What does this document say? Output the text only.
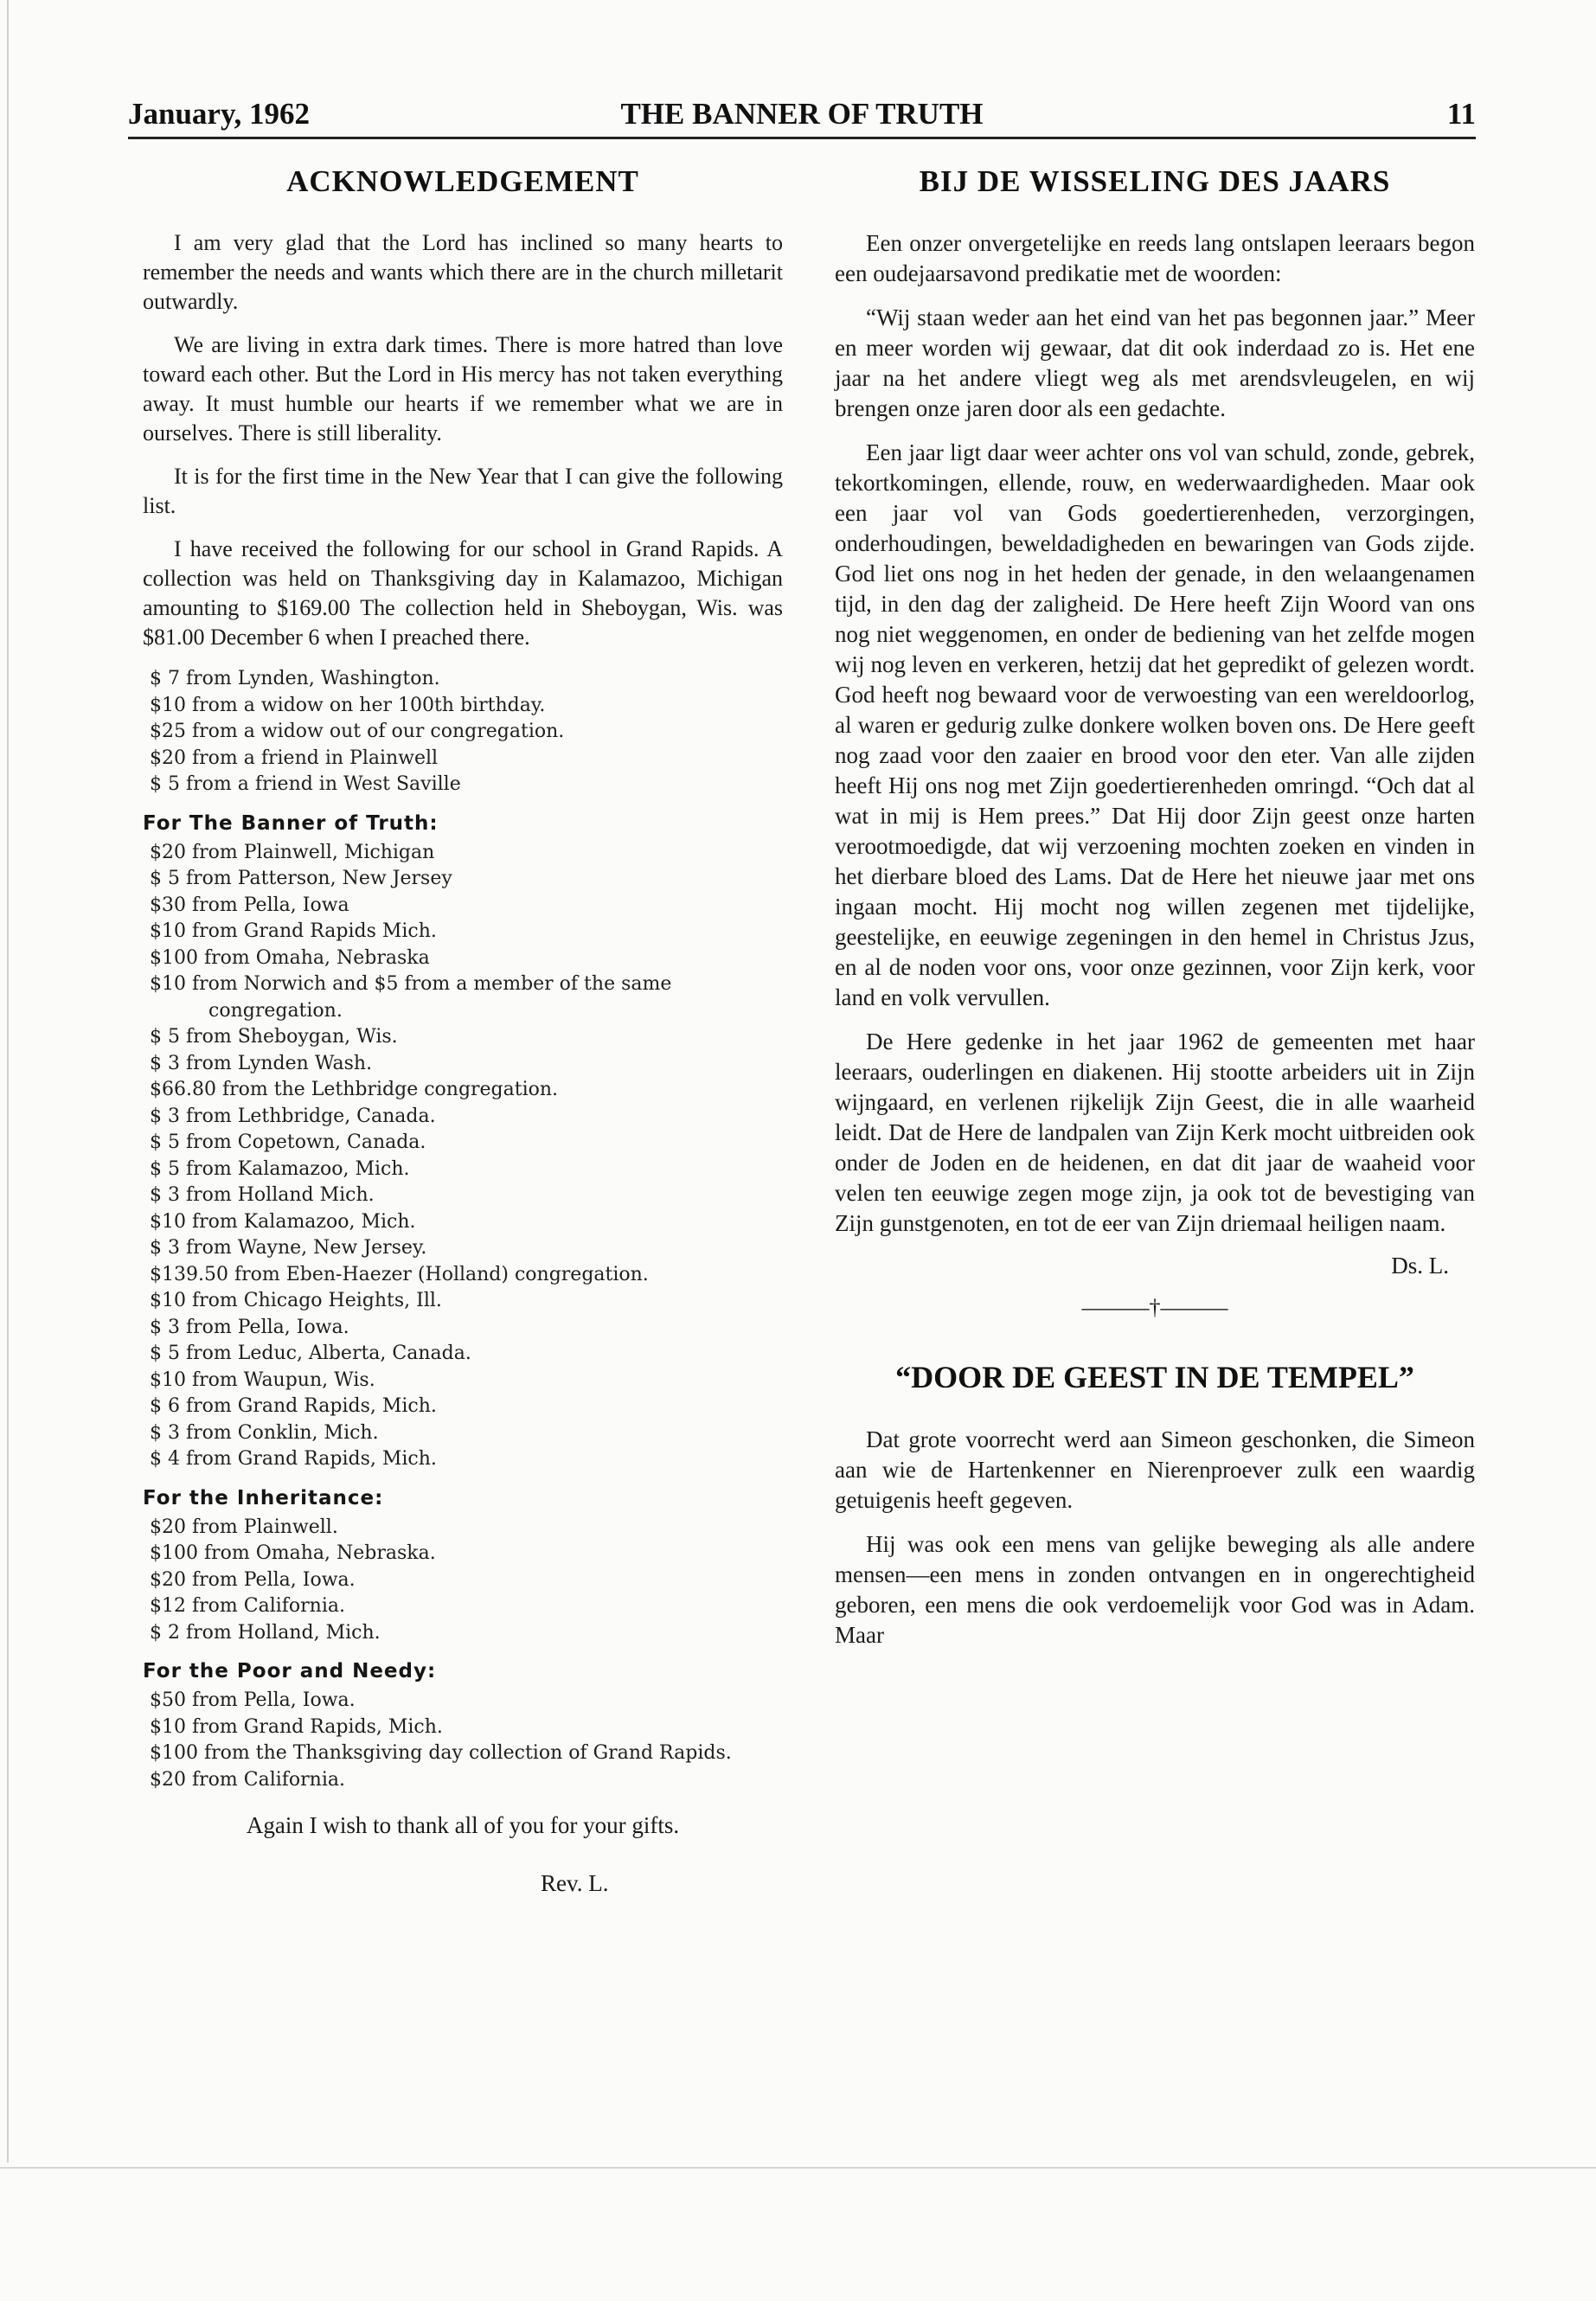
January, 1962	THE BANNER OF TRUTH	11
ACKNOWLEDGEMENT

I am very glad that the Lord has inclined so many hearts to remember the needs and wants which there are in the church milletarit outwardly.

We are living in extra dark times. There is more hatred than love toward each other. But the Lord in His mercy has not taken everything away. It must humble our hearts if we remember what we are in ourselves. There is still liberality.

It is for the first time in the New Year that I can give the following list.

I have received the following for our school in Grand Rapids. A collection was held on Thanksgiving day in Kalamazoo, Michigan amounting to $169.00 The collection held in Sheboygan, Wis. was $81.00 December 6 when I preached there.

$ 7 from Lynden, Washington.
$10 from a widow on her 100th birthday.
$25 from a widow out of our congregation.
$20 from a friend in Plainwell
$ 5 from a friend in West Saville
For The Banner of Truth:
$20 from Plainwell, Michigan
$ 5 from Patterson, New Jersey
$30 from Pella, Iowa
$10 from Grand Rapids Mich.
$100 from Omaha, Nebraska
$10 from Norwich and $5 from a member of the same congregation.
$ 5 from Sheboygan, Wis.
$ 3 from Lynden Wash.
$66.80 from the Lethbridge congregation.
$ 3 from Lethbridge, Canada.
$ 5 from Copetown, Canada.
$ 5 from Kalamazoo, Mich.
$ 3 from Holland Mich.
$10 from Kalamazoo, Mich.
$ 3 from Wayne, New Jersey.
$139.50 from Eben-Haezer (Holland) congregation.
$10 from Chicago Heights, Ill.
$ 3 from Pella, Iowa.
$ 5 from Leduc, Alberta, Canada.
$10 from Waupun, Wis.
$ 6 from Grand Rapids, Mich.
$ 3 from Conklin, Mich.
$ 4 from Grand Rapids, Mich.
For the Inheritance:
$20 from Plainwell.
$100 from Omaha, Nebraska.
$20 from Pella, Iowa.
$12 from California.
$ 2 from Holland, Mich.
For the Poor and Needy:
$50 from Pella, Iowa.
$10 from Grand Rapids, Mich.
$100 from the Thanksgiving day collection of Grand Rapids.
$20 from California.
Again I wish to thank all of you for your gifts.
Rev. L.
BIJ DE WISSELING DES JAARS

Een onzer onvergetelijke en reeds lang ontslapen leeraars begon een oudejaarsavond predikatie met de woorden:

“Wij staan weder aan het eind van het pas begonnen jaar.” Meer en meer worden wij gewaar, dat dit ook inderdaad zo is. Het ene jaar na het andere vliegt weg als met arendsvleugelen, en wij brengen onze jaren door als een gedachte.

Een jaar ligt daar weer achter ons vol van schuld, zonde, gebrek, tekortkomingen, ellende, rouw, en wederwaardigheden. Maar ook een jaar vol van Gods goedertierenheden, verzorgingen, onderhoudingen, beweldadigheden en bewaringen van Gods zijde. God liet ons nog in het heden der genade, in den welaangenamen tijd, in den dag der zaligheid. De Here heeft Zijn Woord van ons nog niet weggenomen, en onder de bediening van het zelfde mogen wij nog leven en verkeren, hetzij dat het gepredikt of gelezen wordt. God heeft nog bewaard voor de verwoesting van een wereldoorlog, al waren er gedurig zulke donkere wolken boven ons. De Here geeft nog zaad voor den zaaier en brood voor den eter. Van alle zijden heeft Hij ons nog met Zijn goedertierenheden omringd. “Och dat al wat in mij is Hem prees.” Dat Hij door Zijn geest onze harten verootmoedigde, dat wij verzoening mochten zoeken en vinden in het dierbare bloed des Lams. Dat de Here het nieuwe jaar met ons ingaan mocht. Hij mocht nog willen zegenen met tijdelijke, geestelijke, en eeuwige zegeningen in den hemel in Christus Jzus, en al de noden voor ons, voor onze gezinnen, voor Zijn kerk, voor land en volk vervullen.

De Here gedenke in het jaar 1962 de gemeenten met haar leeraars, ouderlingen en diakenen. Hij stootte arbeiders uit in Zijn wijngaard, en verlenen rijkelijk Zijn Geest, die in alle waarheid leidt. Dat de Here de landpalen van Zijn Kerk mocht uitbreiden ook onder de Joden en de heidenen, en dat dit jaar de waaheid voor velen ten eeuwige zegen moge zijn, ja ook tot de bevestiging van Zijn gunstgenoten, en tot de eer van Zijn driemaal heiligen naam.

Ds. L.
———†———
“DOOR DE GEEST IN DE TEMPEL”

Dat grote voorrecht werd aan Simeon geschonken, die Simeon aan wie de Hartenkenner en Nierenproever zulk een waardig getuigenis heeft gegeven.

Hij was ook een mens van gelijke beweging als alle andere mensen—een mens in zonden ontvangen en in ongerechtigheid geboren, een mens die ook verdoemelijk voor God was in Adam. Maar
